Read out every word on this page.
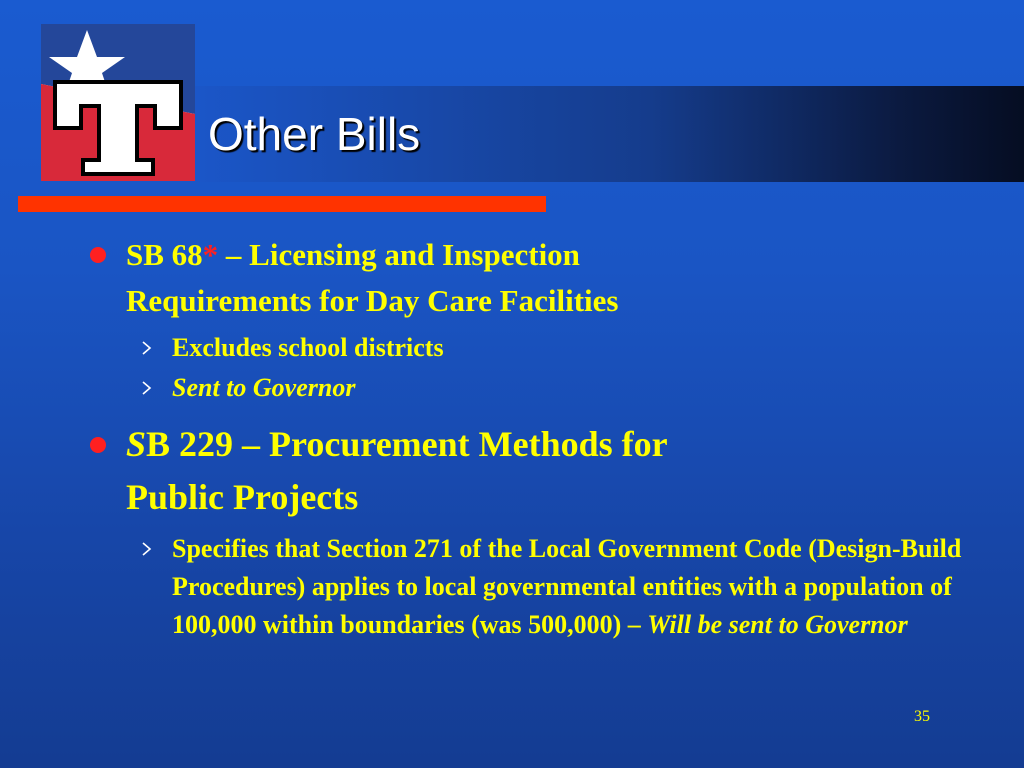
Other Bills
SB 68* – Licensing and Inspection
Requirements for Day Care Facilities
Excludes school districts
Sent to Governor
SB 229 – Procurement Methods for
Public Projects
Specifies that Section 271 of the Local Government Code (Design-Build Procedures) applies to local governmental entities with a population of 100,000 within boundaries (was 500,000) – Will be sent to Governor
35
